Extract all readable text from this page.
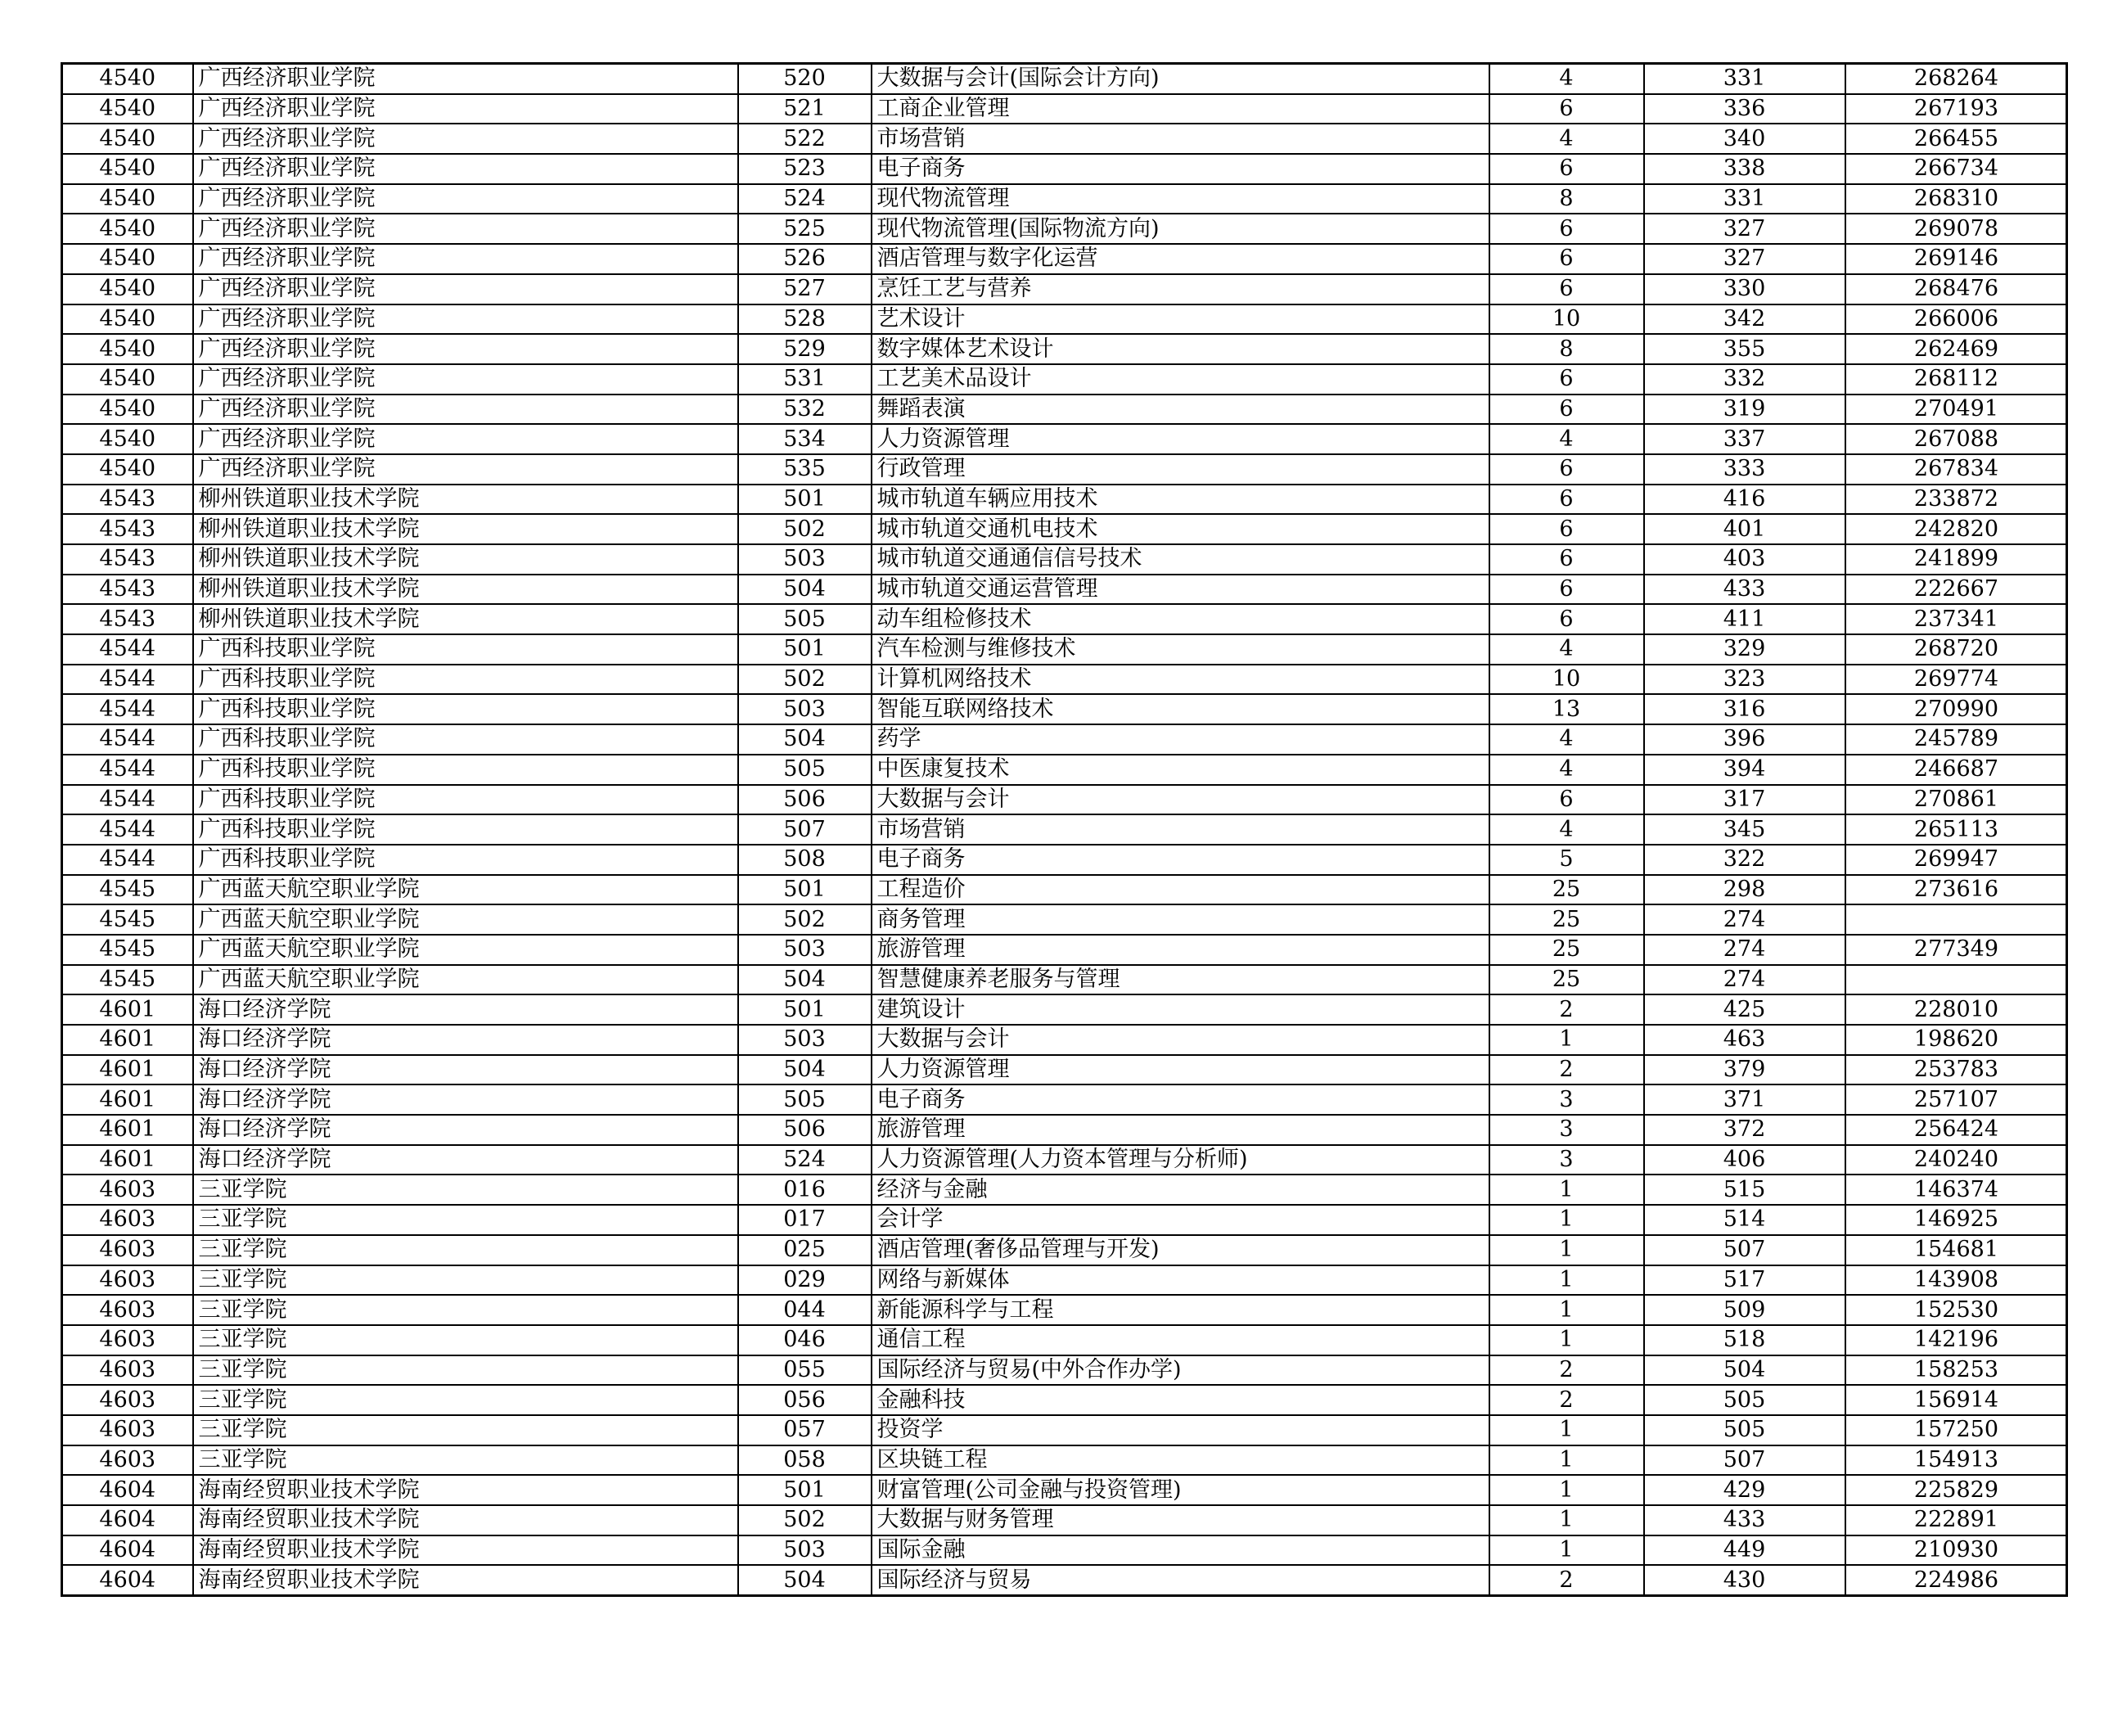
4540	广西经济职业学院	520	大数据与会计(国际会计方向)	4	331	268264
4540	广西经济职业学院	521	工商企业管理	6	336	267193
4540	广西经济职业学院	522	市场营销	4	340	266455
4540	广西经济职业学院	523	电子商务	6	338	266734
4540	广西经济职业学院	524	现代物流管理	8	331	268310
4540	广西经济职业学院	525	现代物流管理(国际物流方向)	6	327	269078
4540	广西经济职业学院	526	酒店管理与数字化运营	6	327	269146
4540	广西经济职业学院	527	烹饪工艺与营养	6	330	268476
4540	广西经济职业学院	528	艺术设计	10	342	266006
4540	广西经济职业学院	529	数字媒体艺术设计	8	355	262469
4540	广西经济职业学院	531	工艺美术品设计	6	332	268112
4540	广西经济职业学院	532	舞蹈表演	6	319	270491
4540	广西经济职业学院	534	人力资源管理	4	337	267088
4540	广西经济职业学院	535	行政管理	6	333	267834
4543	柳州铁道职业技术学院	501	城市轨道车辆应用技术	6	416	233872
4543	柳州铁道职业技术学院	502	城市轨道交通机电技术	6	401	242820
4543	柳州铁道职业技术学院	503	城市轨道交通通信信号技术	6	403	241899
4543	柳州铁道职业技术学院	504	城市轨道交通运营管理	6	433	222667
4543	柳州铁道职业技术学院	505	动车组检修技术	6	411	237341
4544	广西科技职业学院	501	汽车检测与维修技术	4	329	268720
4544	广西科技职业学院	502	计算机网络技术	10	323	269774
4544	广西科技职业学院	503	智能互联网络技术	13	316	270990
4544	广西科技职业学院	504	药学	4	396	245789
4544	广西科技职业学院	505	中医康复技术	4	394	246687
4544	广西科技职业学院	506	大数据与会计	6	317	270861
4544	广西科技职业学院	507	市场营销	4	345	265113
4544	广西科技职业学院	508	电子商务	5	322	269947
4545	广西蓝天航空职业学院	501	工程造价	25	298	273616
4545	广西蓝天航空职业学院	502	商务管理	25	274	
4545	广西蓝天航空职业学院	503	旅游管理	25	274	277349
4545	广西蓝天航空职业学院	504	智慧健康养老服务与管理	25	274	
4601	海口经济学院	501	建筑设计	2	425	228010
4601	海口经济学院	503	大数据与会计	1	463	198620
4601	海口经济学院	504	人力资源管理	2	379	253783
4601	海口经济学院	505	电子商务	3	371	257107
4601	海口经济学院	506	旅游管理	3	372	256424
4601	海口经济学院	524	人力资源管理(人力资本管理与分析师)	3	406	240240
4603	三亚学院	016	经济与金融	1	515	146374
4603	三亚学院	017	会计学	1	514	146925
4603	三亚学院	025	酒店管理(奢侈品管理与开发)	1	507	154681
4603	三亚学院	029	网络与新媒体	1	517	143908
4603	三亚学院	044	新能源科学与工程	1	509	152530
4603	三亚学院	046	通信工程	1	518	142196
4603	三亚学院	055	国际经济与贸易(中外合作办学)	2	504	158253
4603	三亚学院	056	金融科技	2	505	156914
4603	三亚学院	057	投资学	1	505	157250
4603	三亚学院	058	区块链工程	1	507	154913
4604	海南经贸职业技术学院	501	财富管理(公司金融与投资管理)	1	429	225829
4604	海南经贸职业技术学院	502	大数据与财务管理	1	433	222891
4604	海南经贸职业技术学院	503	国际金融	1	449	210930
4604	海南经贸职业技术学院	504	国际经济与贸易	2	430	224986
